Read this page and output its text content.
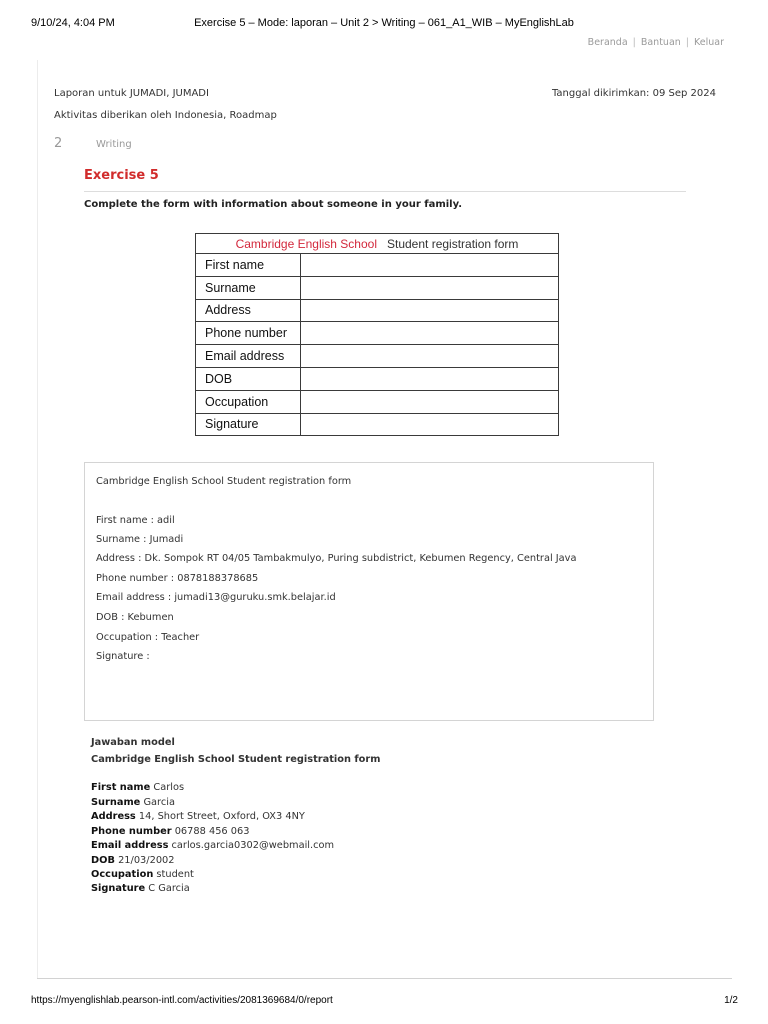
9/10/24, 4:04 PM	Exercise 5 – Mode: laporan – Unit 2 > Writing – 061_A1_WIB – MyEnglishLab
Beranda | Bantuan | Keluar
Laporan untuk JUMADI, JUMADI	Tanggal dikirimkan: 09 Sep 2024
Aktivitas diberikan oleh Indonesia, Roadmap
2	Writing
Exercise 5
Complete the form with information about someone in your family.
Cambridge English School Student registration form	
First name	
Surname	
Address	
Phone number	
Email address	
DOB	
Occupation	
Signature	
Cambridge English School Student registration form
First name : adil
Surname : Jumadi
Address : Dk. Sompok RT 04/05 Tambakmulyo, Puring subdistrict, Kebumen Regency, Central Java
Phone number : 0878188378685
Email address : jumadi13@guruku.smk.belajar.id
DOB : Kebumen
Occupation : Teacher
Signature :
Jawaban model
Cambridge English School Student registration form
First name Carlos
Surname Garcia
Address 14, Short Street, Oxford, OX3 4NY
Phone number 06788 456 063
Email address carlos.garcia0302@webmail.com
DOB 21/03/2002
Occupation student
Signature C Garcia
https://myenglishlab.pearson-intl.com/activities/2081369684/0/report	1/2
